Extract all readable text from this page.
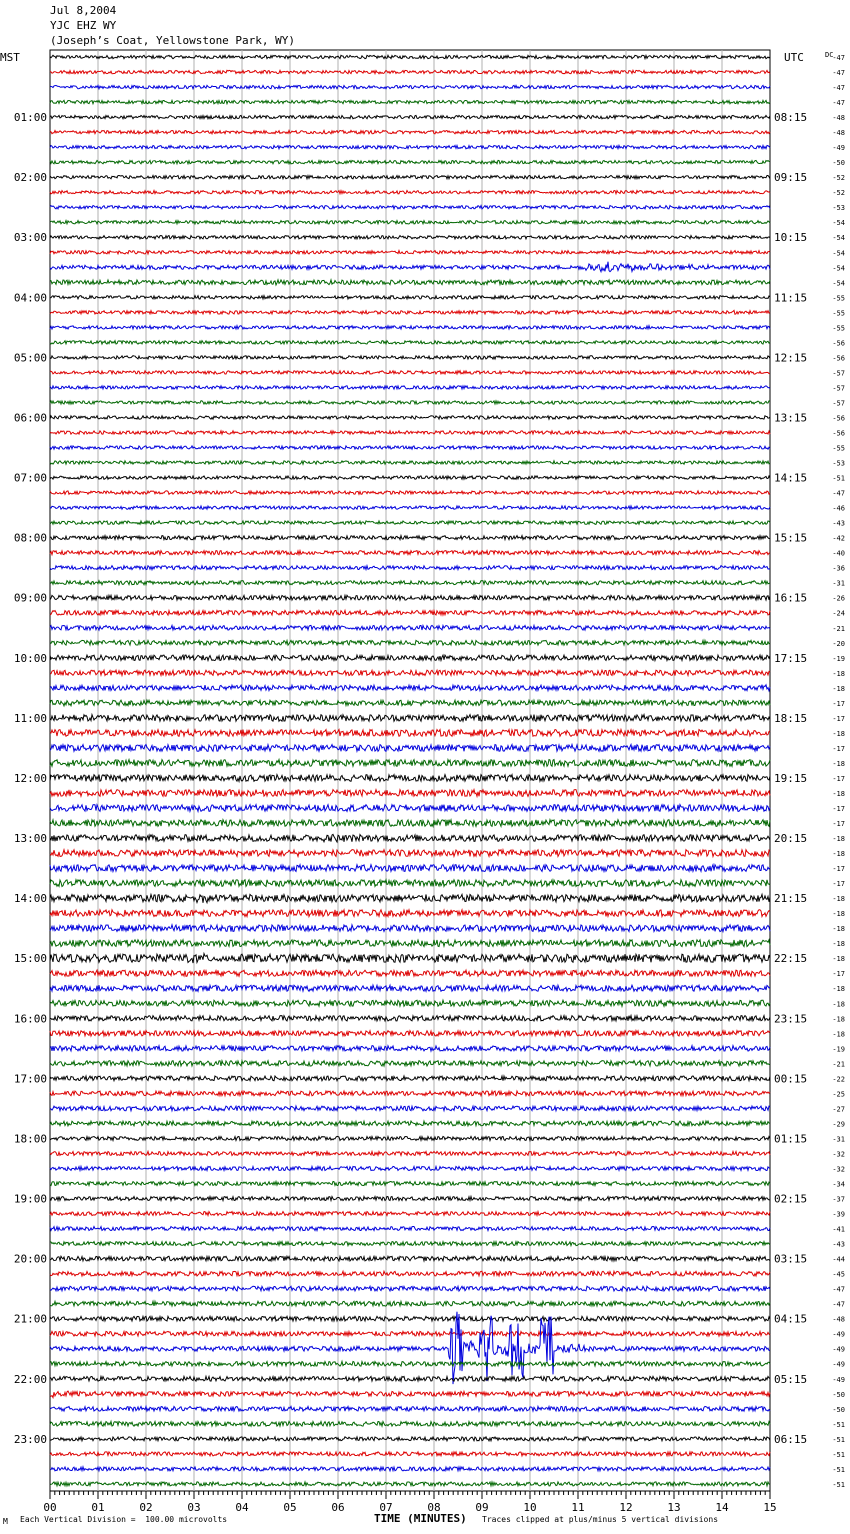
Jul 8,2004
YJC EHZ WY
(Joseph’s Coat, Yellowstone Park, WY)
00	01	02	03	04	05	06	07	08	09	10	11	12	13	14	15
-47
-47
-47
-47
-48
01:00	08:15
-48
-49
-50
-52
02:00	09:15
-52
-53
-54
-54
03:00	10:15
-54
-54
-54
-55
04:00	11:15
-55
-55
-56
-56
05:00	12:15
-57
-57
-57
-56
06:00	13:15
-56
-55
-53
-51
07:00	14:15
-47
-46
-43
-42
08:00	15:15
-40
-36
-31
-26
09:00	16:15
-24
-21
-20
-19
10:00	17:15
-18
-18
-17
-17
11:00	18:15
-18
-17
-18
-17
12:00	19:15
-18
-17
-17
-18
13:00	20:15
-18
-17
-17
-18
14:00	21:15
-18
-18
-18
-18
15:00	22:15
-17
-18
-18
-18
16:00	23:15
-18
-19
-21
-22
17:00	00:15
-25
-27
-29
-31
18:00	01:15
-32
-32
-34
-37
19:00	02:15
-39
-41
-43
-44
20:00	03:15
-45
-47
-47
-48
21:00	04:15
-49
-49
-49
-49
22:00	05:15
-50
-50
-51
-51
23:00	06:15
-51
-51
-51
MST	UTC	DC
M Each Vertical Division =  100.00 microvolts	Traces clipped at plus/minus 5 vertical divisions
TIME (MINUTES)
